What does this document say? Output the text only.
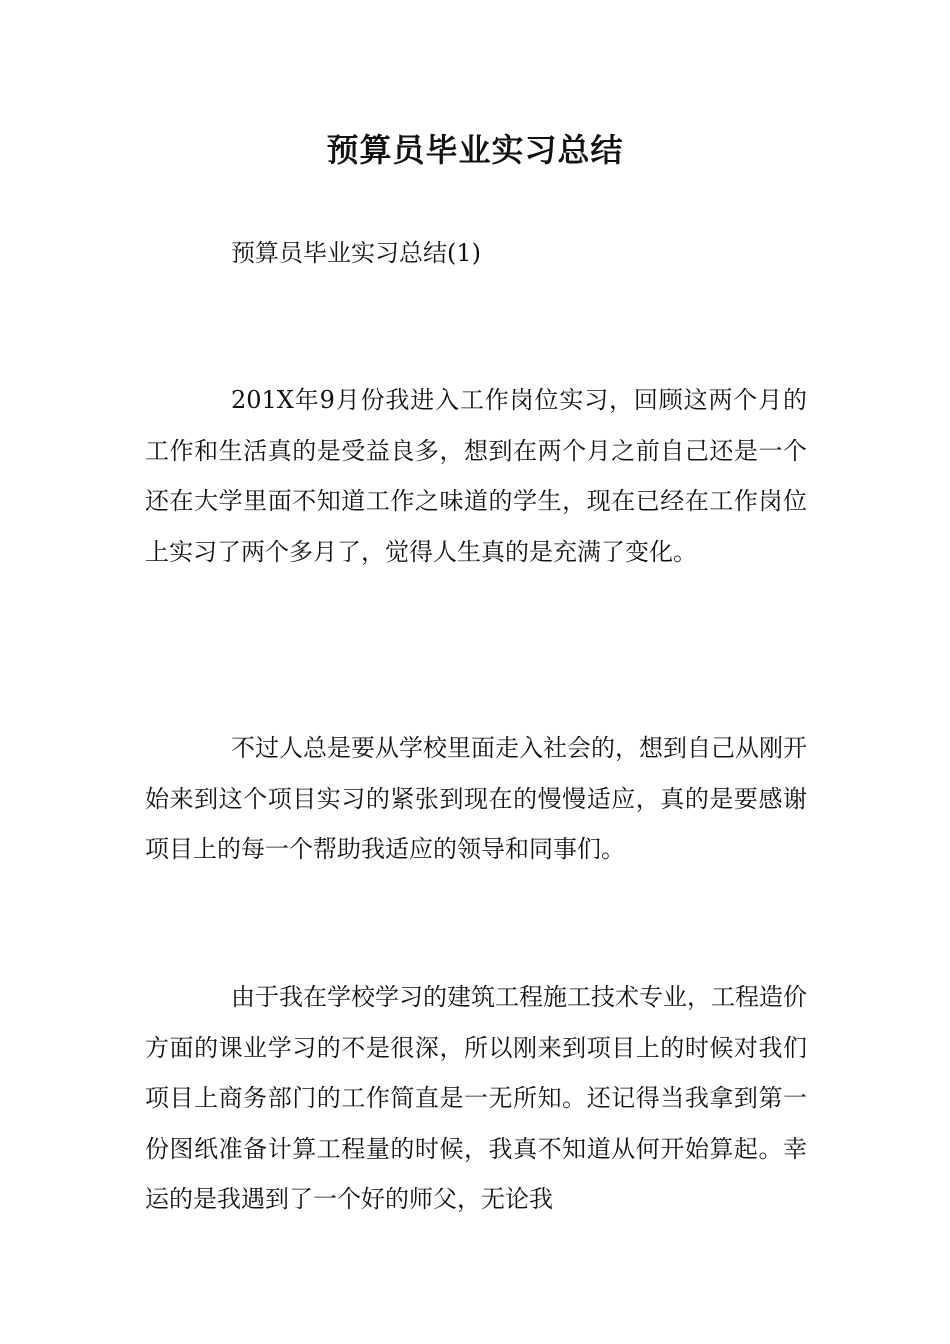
预算员毕业实习总结

预算员毕业实习总结(1)

201X年9月份我进入工作岗位实习，回顾这两个月的工作和生活真的是受益良多，想到在两个月之前自己还是一个还在大学里面不知道工作之味道的学生，现在已经在工作岗位上实习了两个多月了，觉得人生真的是充满了变化。

不过人总是要从学校里面走入社会的，想到自己从刚开始来到这个项目实习的紧张到现在的慢慢适应，真的是要感谢项目上的每一个帮助我适应的领导和同事们。

由于我在学校学习的建筑工程施工技术专业，工程造价方面的课业学习的不是很深，所以刚来到项目上的时候对我们项目上商务部门的工作简直是一无所知。还记得当我拿到第一份图纸准备计算工程量的时候，我真不知道从何开始算起。幸运的是我遇到了一个好的师父，无论我
